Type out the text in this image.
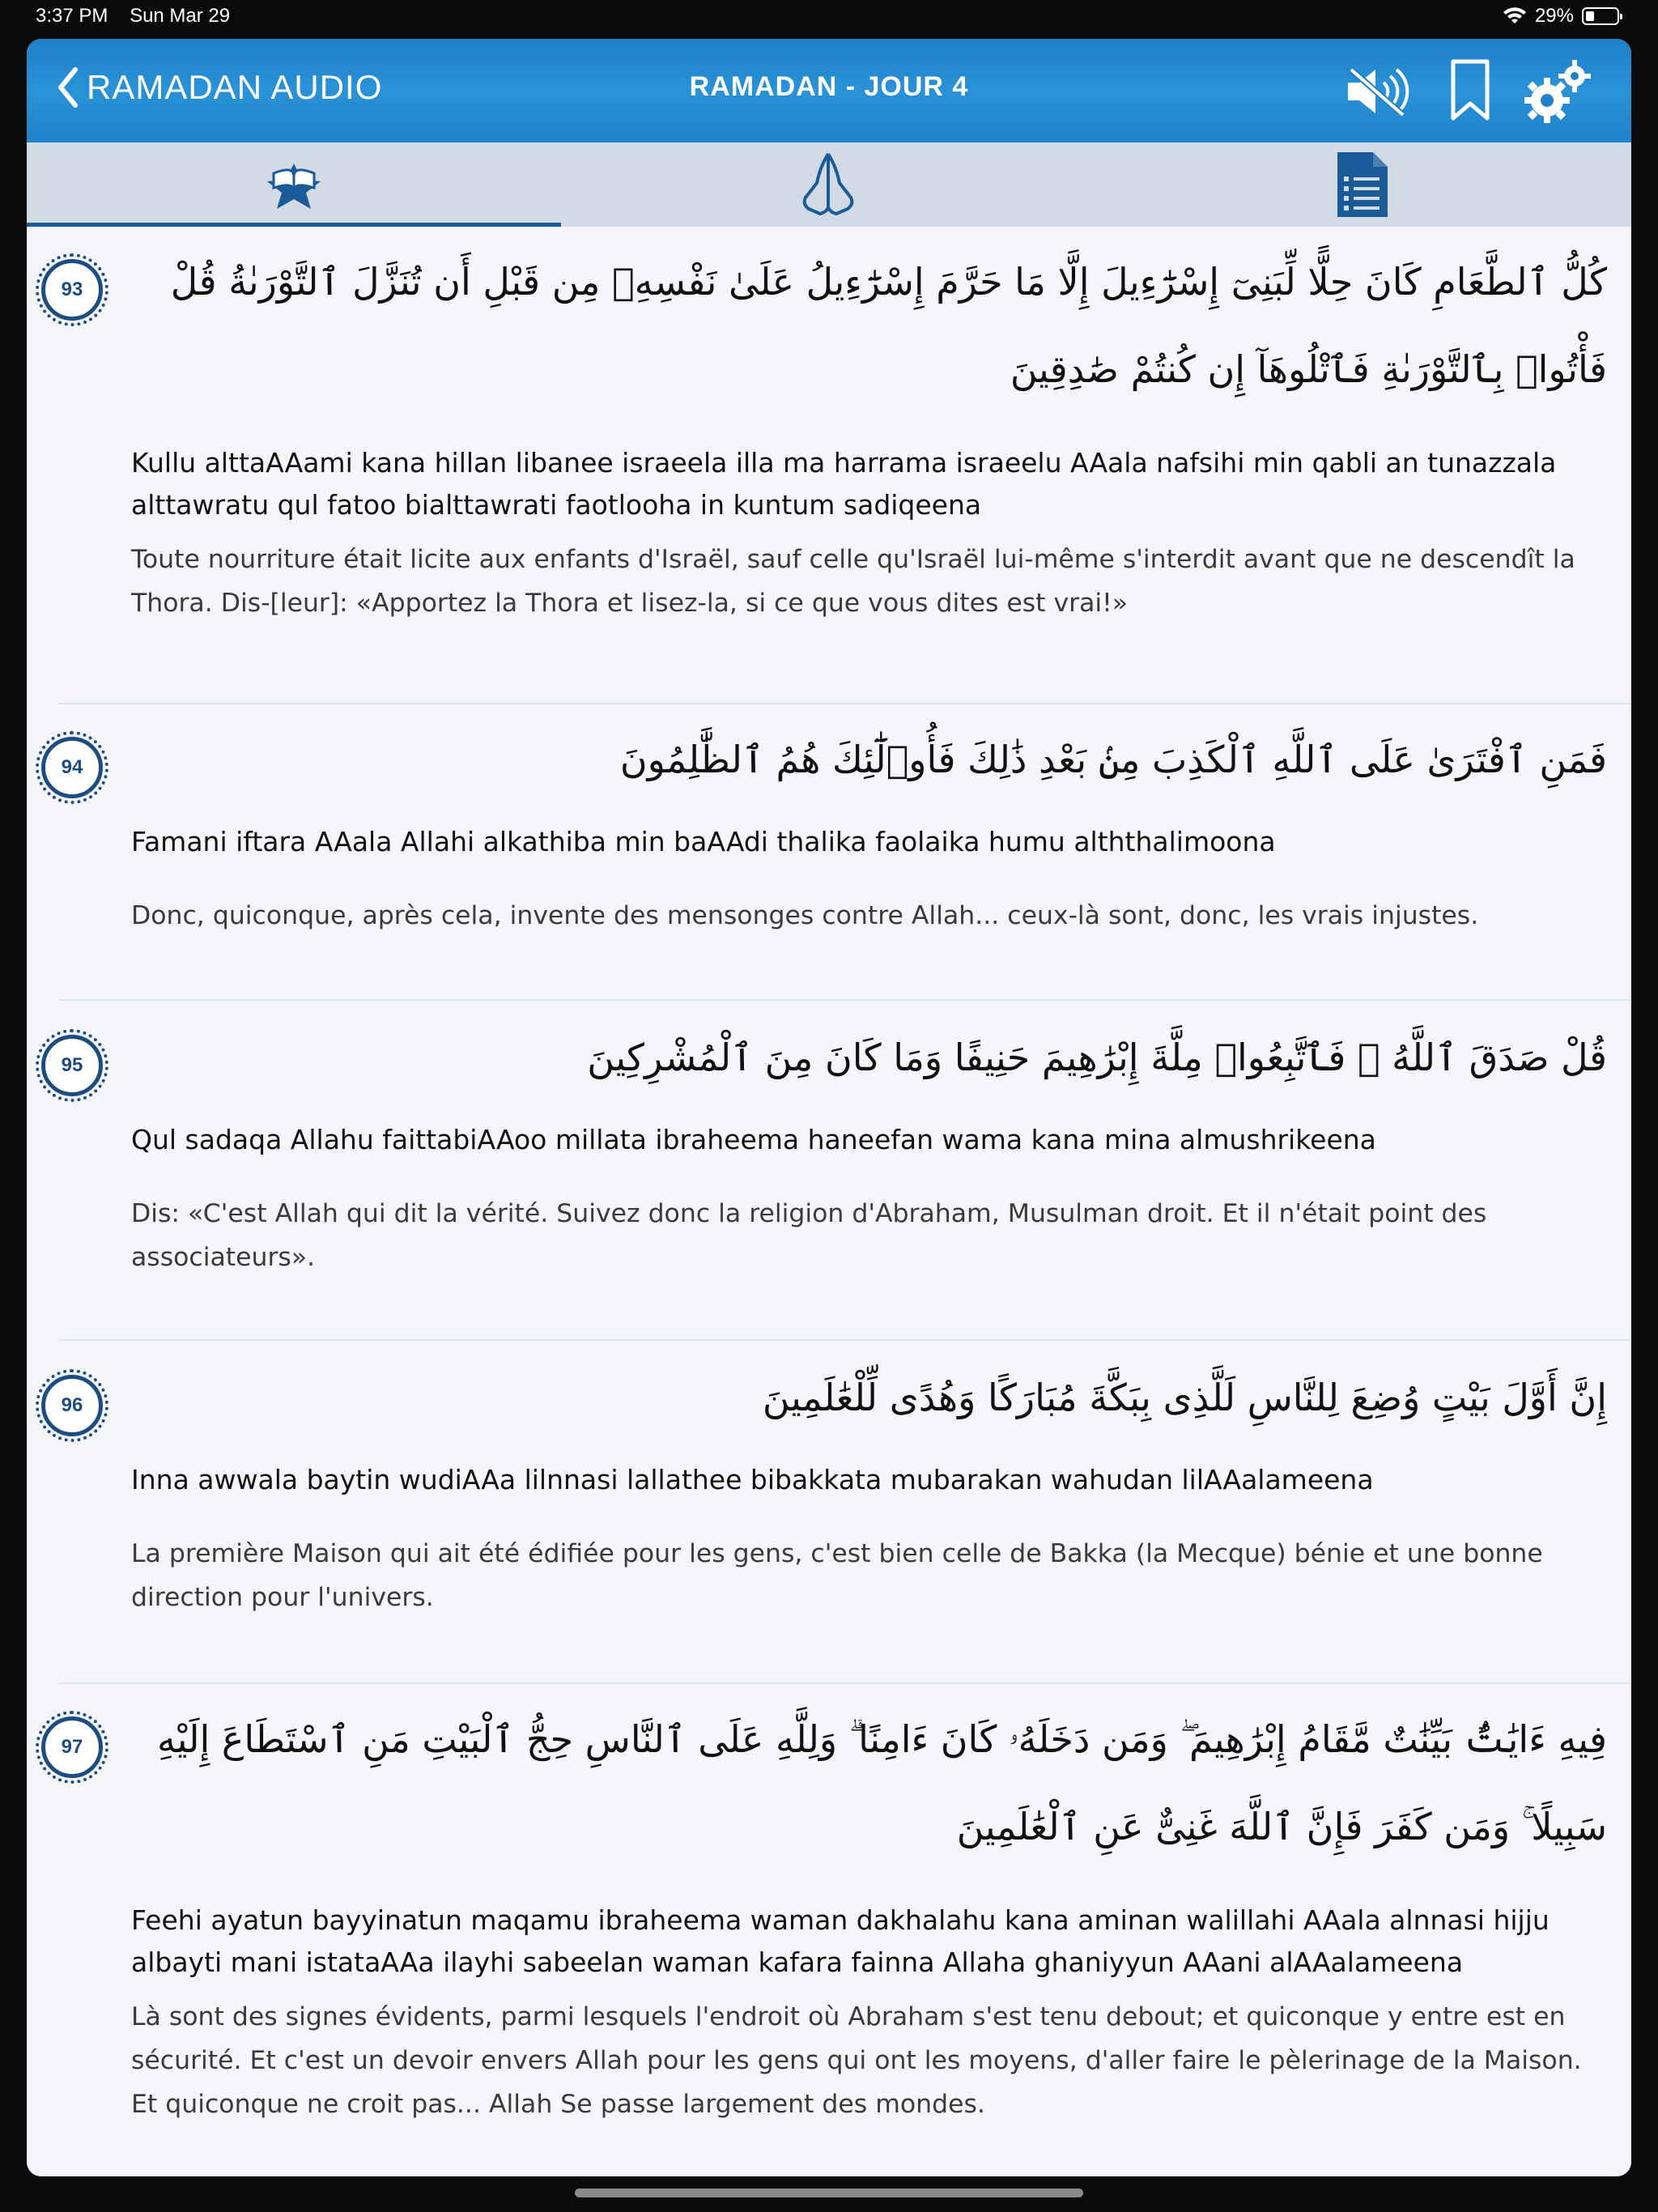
3:37 PM Sun Mar 29	29%
RAMADAN AUDIO	RAMADAN - JOUR 4
93	كُلُّ ٱلطَّعَامِ كَانَ حِلًّا لِّبَنِىٓ إِسْرَٰٓءِيلَ إِلَّا مَا حَرَّمَ إِسْرَٰٓءِيلُ عَلَىٰ نَفْسِهِۦ مِن قَبْلِ أَن تُنَزَّلَ ٱلتَّوْرَىٰةُ قُلْ فَأْتُوا۟ بِٱلتَّوْرَىٰةِ فَٱتْلُوهَآ إِن كُنتُمْ صَٰدِقِينَ
Kullu alttaAAami kana hillan libanee israeela illa ma harrama israeelu AAala nafsihi min qabli an tunazzala alttawratu qul fatoo bialttawrati faotlooha in kuntum sadiqeena
Toute nourriture était licite aux enfants d'Israël, sauf celle qu'Israël lui-même s'interdit avant que ne descendît la Thora. Dis-[leur]: «Apportez la Thora et lisez-la, si ce que vous dites est vrai!»
94	فَمَنِ ٱفْتَرَىٰ عَلَى ٱللَّهِ ٱلْكَذِبَ مِنۢ بَعْدِ ذَٰلِكَ فَأُو۟لَٰٓئِكَ هُمُ ٱلظَّٰلِمُونَ
Famani iftara AAala Allahi alkathiba min baAAdi thalika faolaika humu alththalimoona
Donc, quiconque, après cela, invente des mensonges contre Allah... ceux-là sont, donc, les vrais injustes.
95	قُلْ صَدَقَ ٱللَّهُ ۗ فَٱتَّبِعُوا۟ مِلَّةَ إِبْرَٰهِيمَ حَنِيفًا وَمَا كَانَ مِنَ ٱلْمُشْرِكِينَ
Qul sadaqa Allahu faittabiAAoo millata ibraheema haneefan wama kana mina almushrikeena
Dis: «C'est Allah qui dit la vérité. Suivez donc la religion d'Abraham, Musulman droit. Et il n'était point des associateurs».
96	إِنَّ أَوَّلَ بَيْتٍ وُضِعَ لِلنَّاسِ لَلَّذِى بِبَكَّةَ مُبَارَكًا وَهُدًى لِّلْعَٰلَمِينَ
Inna awwala baytin wudiAAa lilnnasi lallathee bibakkata mubarakan wahudan lilAAalameena
La première Maison qui ait été édifiée pour les gens, c'est bien celle de Bakka (la Mecque) bénie et une bonne direction pour l'univers.
97	فِيهِ ءَايَٰتٌۢ بَيِّنَٰتٌ مَّقَامُ إِبْرَٰهِيمَ ۖ وَمَن دَخَلَهُۥ كَانَ ءَامِنًا ۗ وَلِلَّهِ عَلَى ٱلنَّاسِ حِجُّ ٱلْبَيْتِ مَنِ ٱسْتَطَاعَ إِلَيْهِ سَبِيلًا ۚ وَمَن كَفَرَ فَإِنَّ ٱللَّهَ غَنِىٌّ عَنِ ٱلْعَٰلَمِينَ
Feehi ayatun bayyinatun maqamu ibraheema waman dakhalahu kana aminan walillahi AAala alnnasi hijju albayti mani istataAAa ilayhi sabeelan waman kafara fainna Allaha ghaniyyun AAani alAAalameena
Là sont des signes évidents, parmi lesquels l'endroit où Abraham s'est tenu debout; et quiconque y entre est en sécurité. Et c'est un devoir envers Allah pour les gens qui ont les moyens, d'aller faire le pèlerinage de la Maison. Et quiconque ne croit pas... Allah Se passe largement des mondes.
